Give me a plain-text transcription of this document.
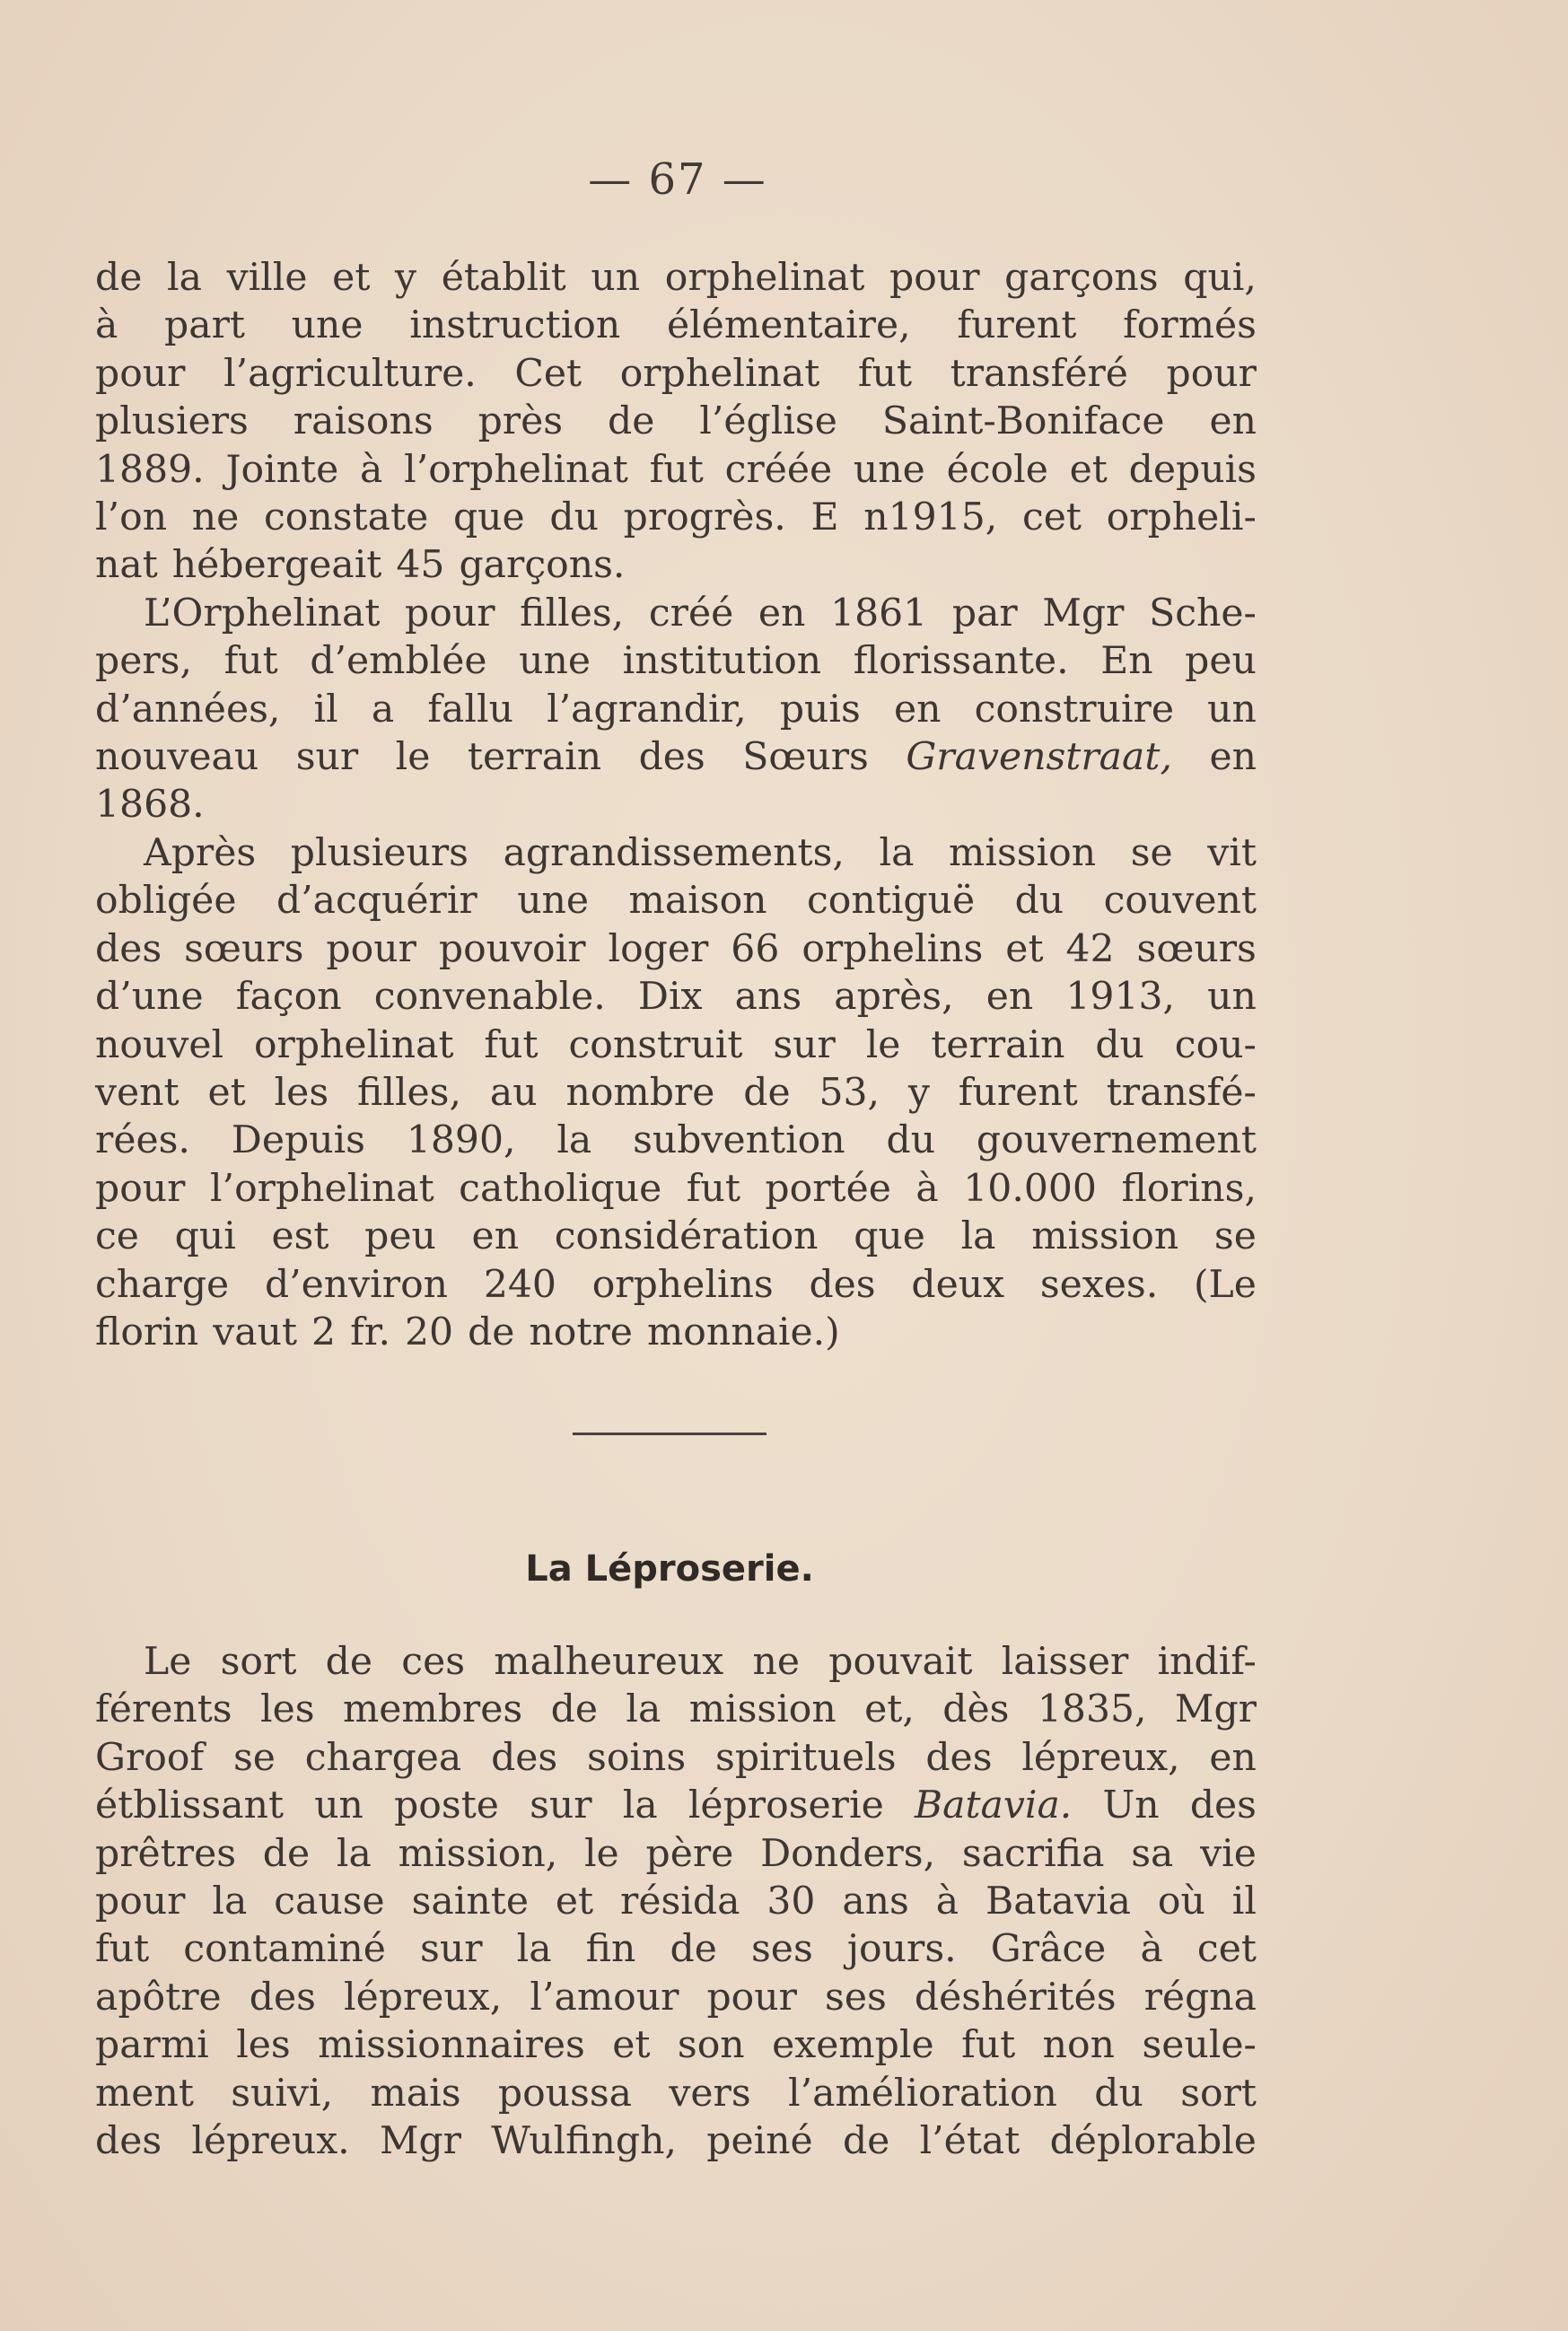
— 67 —
de la ville et y établit un orphelinat pour garçons qui,
à part une instruction élémentaire, furent formés
pour l’agriculture. Cet orphelinat fut transféré pour
plusiers raisons près de l’église Saint-Boniface en
1889. Jointe à l’orphelinat fut créée une école et depuis
l’on ne constate que du progrès. E n1915, cet orpheli-
nat hébergeait 45 garçons.
L’Orphelinat pour filles, créé en 1861 par Mgr Sche-
pers, fut d’emblée une institution florissante. En peu
d’années, il a fallu l’agrandir, puis en construire un
nouveau sur le terrain des Sœurs Gravenstraat, en
1868.
Après plusieurs agrandissements, la mission se vit
obligée d’acquérir une maison contiguë du couvent
des sœurs pour pouvoir loger 66 orphelins et 42 sœurs
d’une façon convenable. Dix ans après, en 1913, un
nouvel orphelinat fut construit sur le terrain du cou-
vent et les filles, au nombre de 53, y furent transfé-
rées. Depuis 1890, la subvention du gouvernement
pour l’orphelinat catholique fut portée à 10.000 florins,
ce qui est peu en considération que la mission se
charge d’environ 240 orphelins des deux sexes. (Le
florin vaut 2 fr. 20 de notre monnaie.)
La Léproserie.
Le sort de ces malheureux ne pouvait laisser indif-
férents les membres de la mission et, dès 1835, Mgr
Groof se chargea des soins spirituels des lépreux, en
étblissant un poste sur la léproserie Batavia. Un des
prêtres de la mission, le père Donders, sacrifia sa vie
pour la cause sainte et résida 30 ans à Batavia où il
fut contaminé sur la fin de ses jours. Grâce à cet
apôtre des lépreux, l’amour pour ses déshérités régna
parmi les missionnaires et son exemple fut non seule-
ment suivi, mais poussa vers l’amélioration du sort
des lépreux. Mgr Wulfingh, peiné de l’état déplorable
